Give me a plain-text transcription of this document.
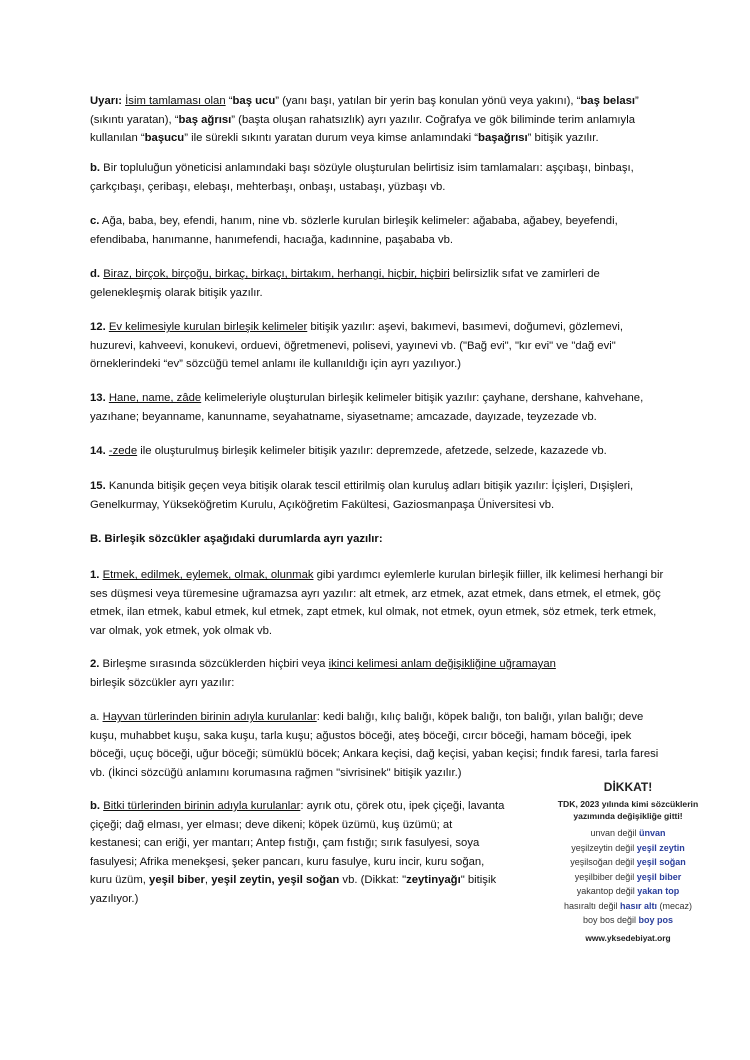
Uyarı: İsim tamlaması olan “baş ucu” (yanı başı, yatılan bir yerin baş konulan yönü veya yakını), “baş belası” (sıkıntı yaratan), “baş ağrısı” (başta oluşan rahatsızlık) ayrı yazılır. Coğrafya ve gök biliminde terim anlamıyla kullanılan “başucu” ile sürekli sıkıntı yaratan durum veya kimse anlamındaki “başağrısı” bitişik yazılır.
b. Bir topluluğun yöneticisi anlamındaki başı sözüyle oluşturulan belirtisiz isim tamlamaları: aşçıbaşı, binbaşı, çarkçıbaşı, çeribaşı, elebaşı, mehterbaşı, onbaşı, ustabaşı, yüzbaşı vb.
c. Ağa, baba, bey, efendi, hanım, nine vb. sözlerle kurulan birleşik kelimeler: ağababa, ağabey, beyefendi, efendibaba, hanımanne, hanımefendi, hacıağa, kadınnine, paşababa vb.
d. Biraz, birçok, birçoğu, birkaç, birkaçı, birtakım, herhangi, hiçbir, hiçbiri belirsizlik sıfat ve zamirleri de gelenekleşmiş olarak bitişik yazılır.
12. Ev kelimesiyle kurulan birleşik kelimeler bitişik yazılır: aşevi, bakımevi, basımevi, doğumevi, gözlemevi, huzurevi, kahveevi, konukevi, orduevi, öğretmenevi, polisevi, yayınevi vb. ("Bağ evi", "kır evi" ve "dağ evi" örneklerindeki “ev” sözcüğü temel anlamı ile kullanıldığı için ayrı yazılıyor.)
13. Hane, name, zâde kelimeleriyle oluşturulan birleşik kelimeler bitişik yazılır: çayhane, dershane, kahvehane, yazıhane; beyanname, kanunname, seyahatname, siyasetname; amcazade, dayızade, teyzezade vb.
14. -zede ile oluşturulmuş birleşik kelimeler bitişik yazılır: depremzede, afetzede, selzede, kazazede vb.
15. Kanunda bitişik geçen veya bitişik olarak tescil ettirilmiş olan kuruluş adları bitişik yazılır: İçişleri, Dışişleri, Genelkurmay, Yükseköğretim Kurulu, Açıköğretim Fakültesi, Gaziosmanpaşa Üniversitesi vb.
B. Birleşik sözcükler aşağıdaki durumlarda ayrı yazılır:
1. Etmek, edilmek, eylemek, olmak, olunmak gibi yardımcı eylemlerle kurulan birleşik fiiller, ilk kelimesi herhangi bir ses düşmesi veya türemesine uğramazsa ayrı yazılır: alt etmek, arz etmek, azat etmek, dans etmek, el etmek, göç etmek, ilan etmek, kabul etmek, kul etmek, zapt etmek, kul olmak, not etmek, oyun etmek, söz etmek, terk etmek, var olmak, yok etmek, yok olmak vb.
2. Birleşme sırasında sözcüklerden hiçbiri veya ikinci kelimesi anlam değişikliğine uğramayan
birleşik sözcükler ayrı yazılır:
a. Hayvan türlerinden birinin adıyla kurulanlar: kedi balığı, kılıç balığı, köpek balığı, ton balığı, yılan balığı; deve kuşu, muhabbet kuşu, saka kuşu, tarla kuşu; ağustos böceği, ateş böceği, cırcır böceği, hamam böceği, ipek böceği, uçuç böceği, uğur böceği; sümüklü böcek; Ankara keçisi, dağ keçisi, yaban keçisi; fındık faresi, tarla faresi vb. (İkinci sözcüğü anlamını korumasına rağmen "sivrisinek" bitişik yazılır.)
b. Bitki türlerinden birinin adıyla kurulanlar: ayrık otu, çörek otu, ipek çiçeği, lavanta çiçeği; dağ elması, yer elması; deve dikeni; köpek üzümü, kuş üzümü; at kestanesi; can eriği, yer mantarı; Antep fıstığı, çam fıstığı; sırık fasulyesi, soya fasulyesi; Afrika menekşesi, şeker pancarı, kuru fasulye, kuru incir, kuru soğan, kuru üzüm, yeşil biber, yeşil zeytin, yeşil soğan vb. (Dikkat: "zeytinyağı" bitişik yazılıyor.)
DİKKAT!
TDK, 2023 yılında kimi sözcüklerin yazımında değişikliğe gitti!
unvan değil ünvan
yeşilzeytin değil yeşil zeytin
yeşilsoğan değil yeşil soğan
yeşilbiber değil yeşil biber
yakantop değil yakan top
hasıraltı değil hasır altı (mecaz)
boy bos değil boy pos
www.yksedebiyat.org
